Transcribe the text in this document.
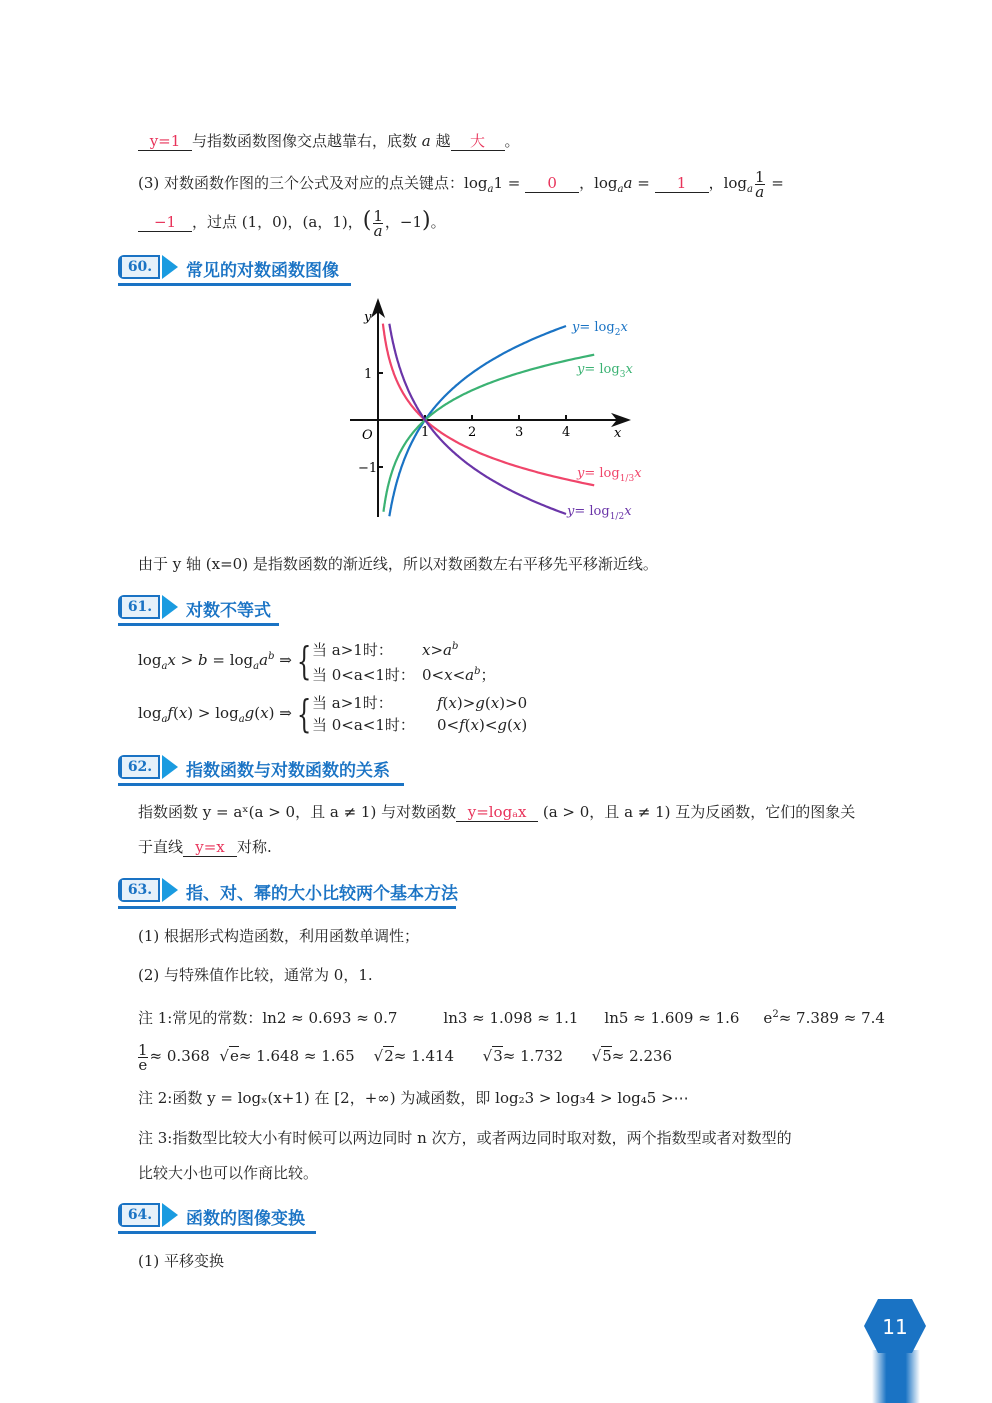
y=1 与指数函数图像交点越靠右，底数 a 越 大 。
(3) 对数函数作图的三个公式及对应的点关键点：$\log_a1 = 0$ ，$\log_aa = 1$ ，$\log_a \frac{1}{a}$ =
−1 ，过点 (1，0)，(a，1)，( $\frac{1}{a}$ ，−1)。
60.	常见的对数函数图像
61.	对数不等式
62.	指数函数与对数函数的关系
63.	指、对、幂的大小比较两个基本方法
64.	函数的图像变换
1	2	3	4
1
−1
O	x
y
$y= \log_2x$
$y= \log_3x$
$y= \log_{1/3}x$
$y= \log_{1/2}x$
由于 y 轴 (x=0) 是指数函数的渐近线，所以对数函数左右平移先平移渐近线。
$\log_ax > b = \log_aa^b$ ⇒ {当 a>1时： $x>a^b$
当 0<a<1时： $0<x<a^b$；
$\log_af(x) > \log_ag(x)$ ⇒ {当 a>1时：	f(x)>g(x)>0
当 0<a<1时： 0<f(x)<g(x)
指数函数 y = aˣ(a > 0，且 a ≠ 1) 与对数函数 y=logₐx (a > 0，且 a ≠ 1) 互为反函数，它们的图象关
于直线 y=x 对称.
(1) 根据形式构造函数，利用函数单调性；
(2) 与特殊值作比较，通常为 0，1.
注 1:常见的常数：ln2 ≈ 0.693 ≈ 0.7	ln3 ≈ 1.098 ≈ 1.1 ln5 ≈ 1.609 ≈ 1.6 $e^2\approx 7.389 \approx 7.4$
$\frac{1}{e} \approx 0.368$  √e≈ 1.648 ≈ 1.65    √2≈ 1.414      √3≈ 1.732      √5≈ 2.236
注 2:函数 y = logₓ(x+1) 在 [2，+∞) 为减函数，即 log₂3 > log₃4 > log₄5 >⋯
注 3:指数型比较大小有时候可以两边同时 n 次方，或者两边同时取对数，两个指数型或者对数型的
比较大小也可以作商比较。
(1) 平移变换
11
